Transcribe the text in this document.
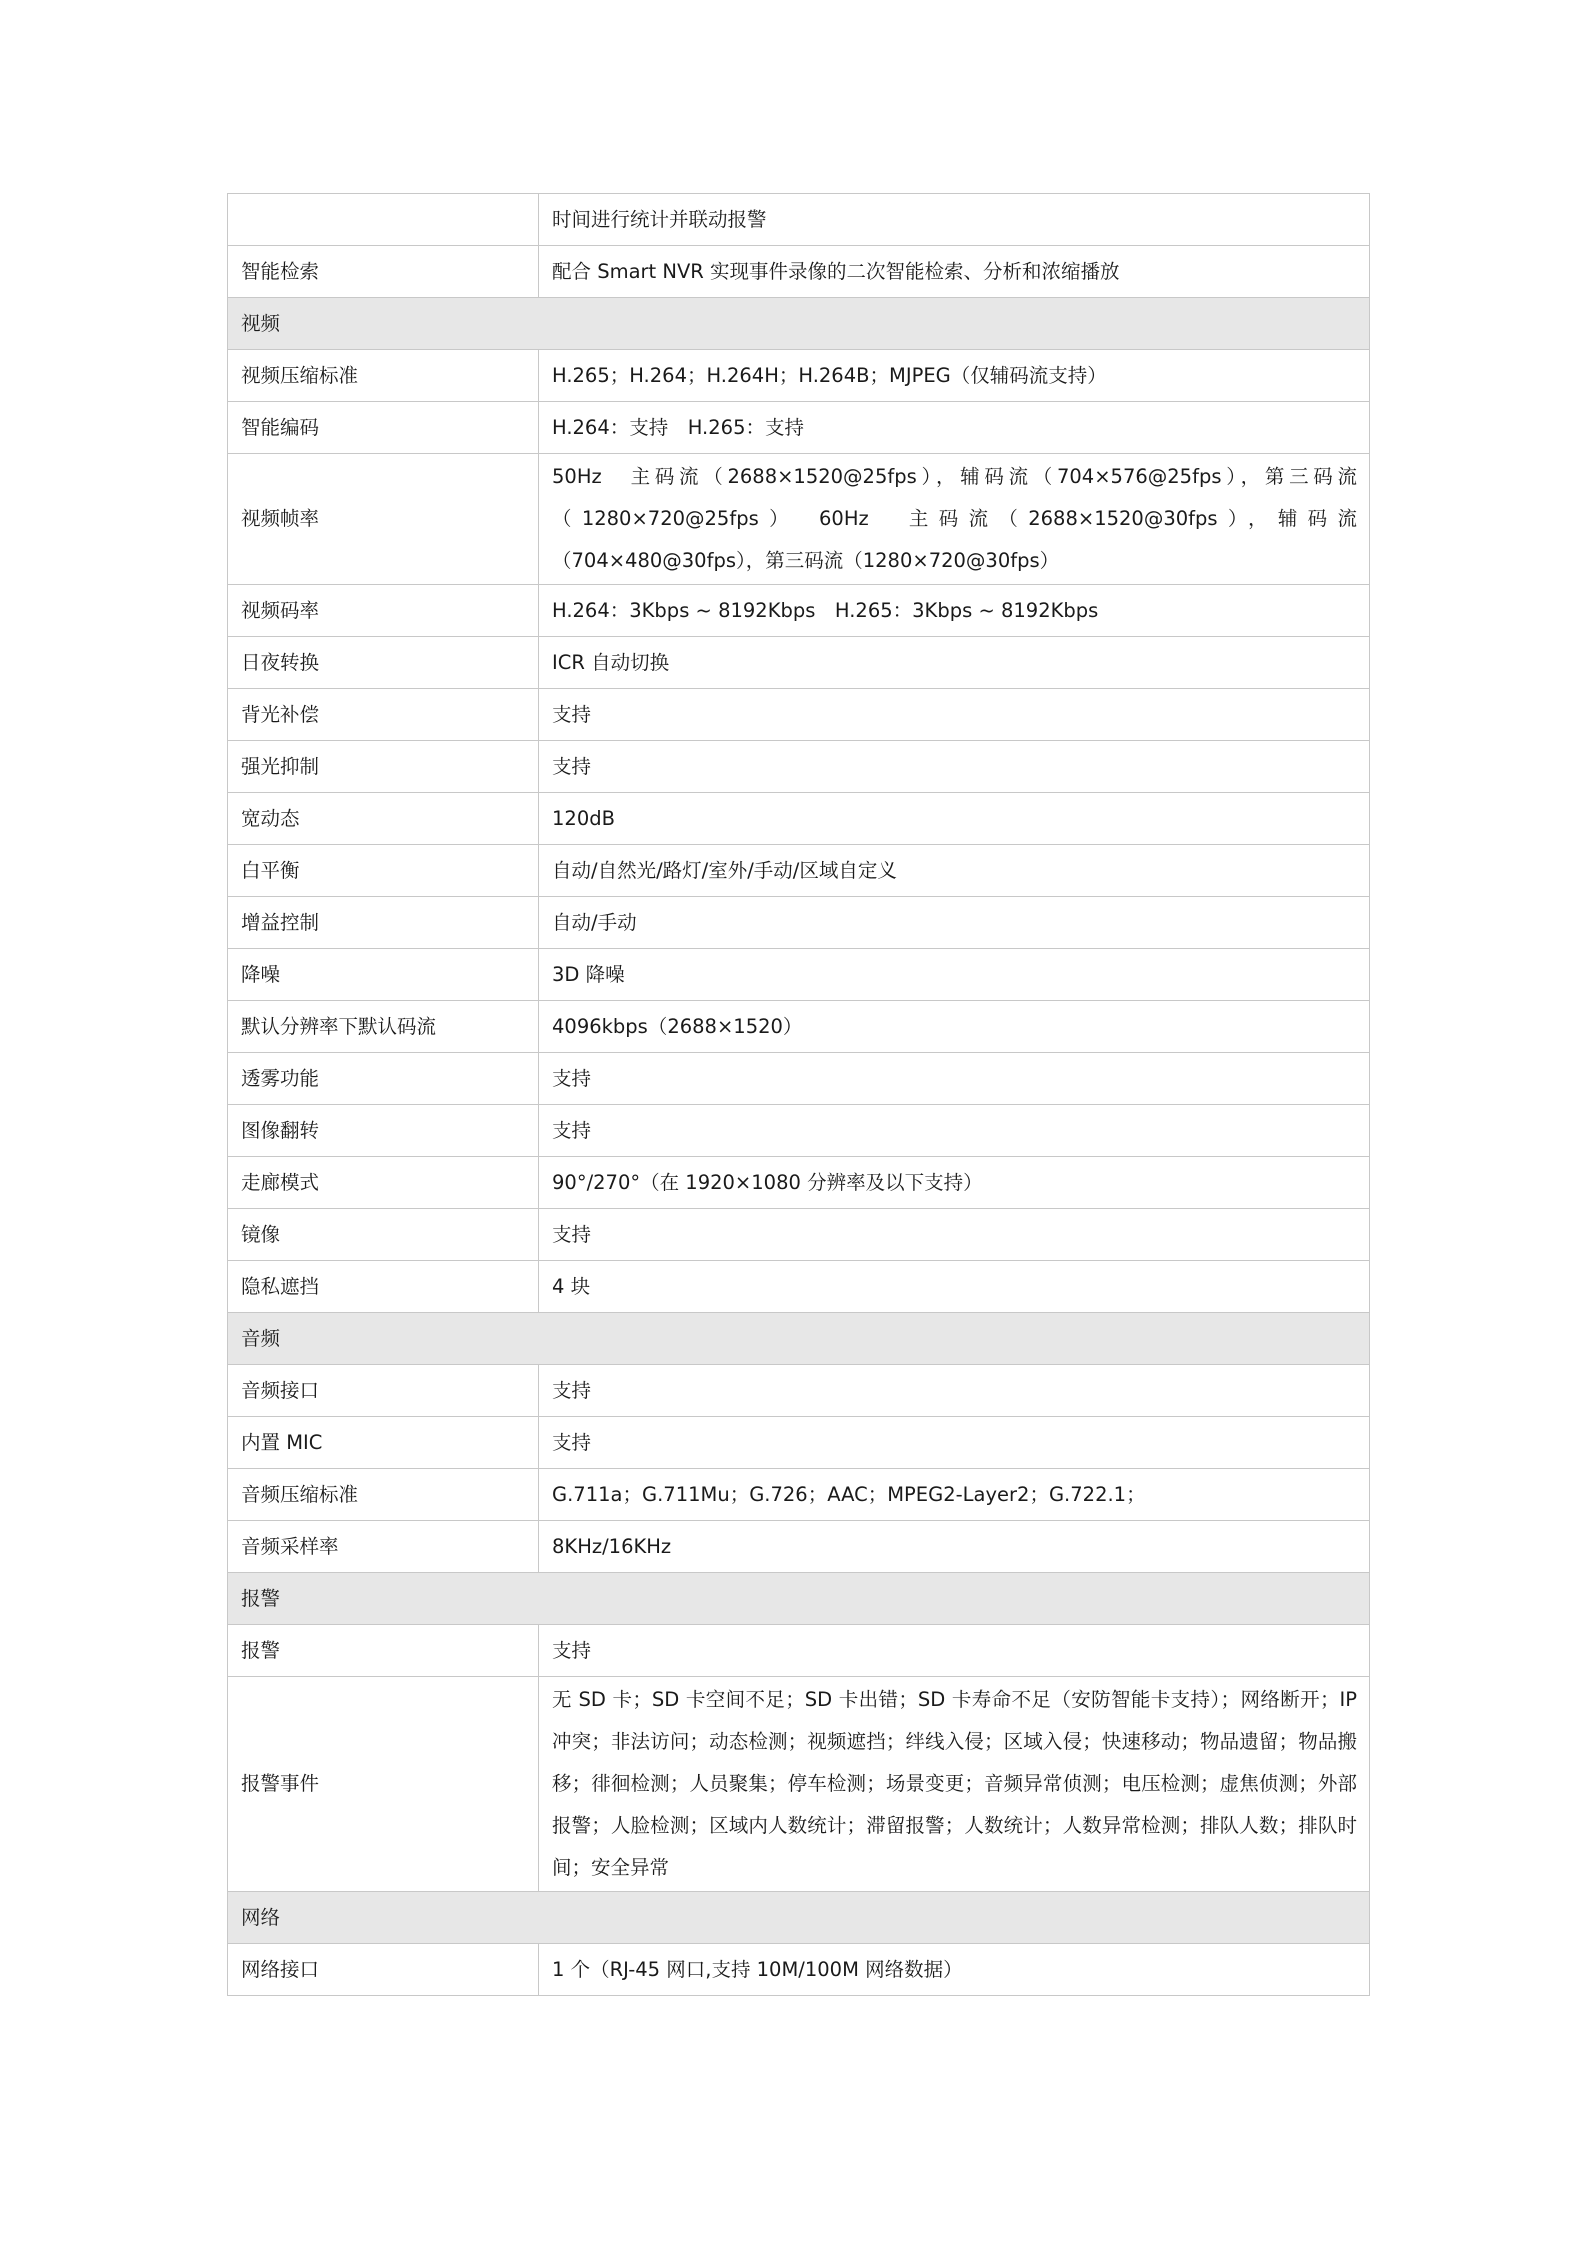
	时间进行统计并联动报警
智能检索	配合 Smart NVR 实现事件录像的二次智能检索、分析和浓缩播放
视频	
视频压缩标准	H.265；H.264；H.264H；H.264B；MJPEG（仅辅码流支持）
智能编码	H.264：支持　H.265：支持
视频帧率	50Hz　主码流（2688×1520@25fps），辅码流（704×576@25fps），第三码流（1280×720@25fps）　60Hz　主码流（2688×1520@30fps），辅码流（704×480@30fps），第三码流（1280×720@30fps）
视频码率	H.264：3Kbps ~ 8192Kbps　H.265：3Kbps ~ 8192Kbps
日夜转换	ICR 自动切换
背光补偿	支持
强光抑制	支持
宽动态	120dB
白平衡	自动/自然光/路灯/室外/手动/区域自定义
增益控制	自动/手动
降噪	3D 降噪
默认分辨率下默认码流	4096kbps（2688×1520）
透雾功能	支持
图像翻转	支持
走廊模式	90°/270°（在 1920×1080 分辨率及以下支持）
镜像	支持
隐私遮挡	4 块
音频	
音频接口	支持
内置 MIC	支持
音频压缩标准	G.711a；G.711Mu；G.726；AAC；MPEG2-Layer2；G.722.1；
音频采样率	8KHz/16KHz
报警	
报警	支持
报警事件	无 SD 卡；SD 卡空间不足；SD 卡出错；SD 卡寿命不足（安防智能卡支持）；网络断开；IP 冲突；非法访问；动态检测；视频遮挡；绊线入侵；区域入侵；快速移动；物品遗留；物品搬移；徘徊检测；人员聚集；停车检测；场景变更；音频异常侦测；电压检测；虚焦侦测；外部报警；人脸检测；区域内人数统计；滞留报警；人数统计；人数异常检测；排队人数；排队时间；安全异常
网络	
网络接口	1 个（RJ-45 网口,支持 10M/100M 网络数据）
